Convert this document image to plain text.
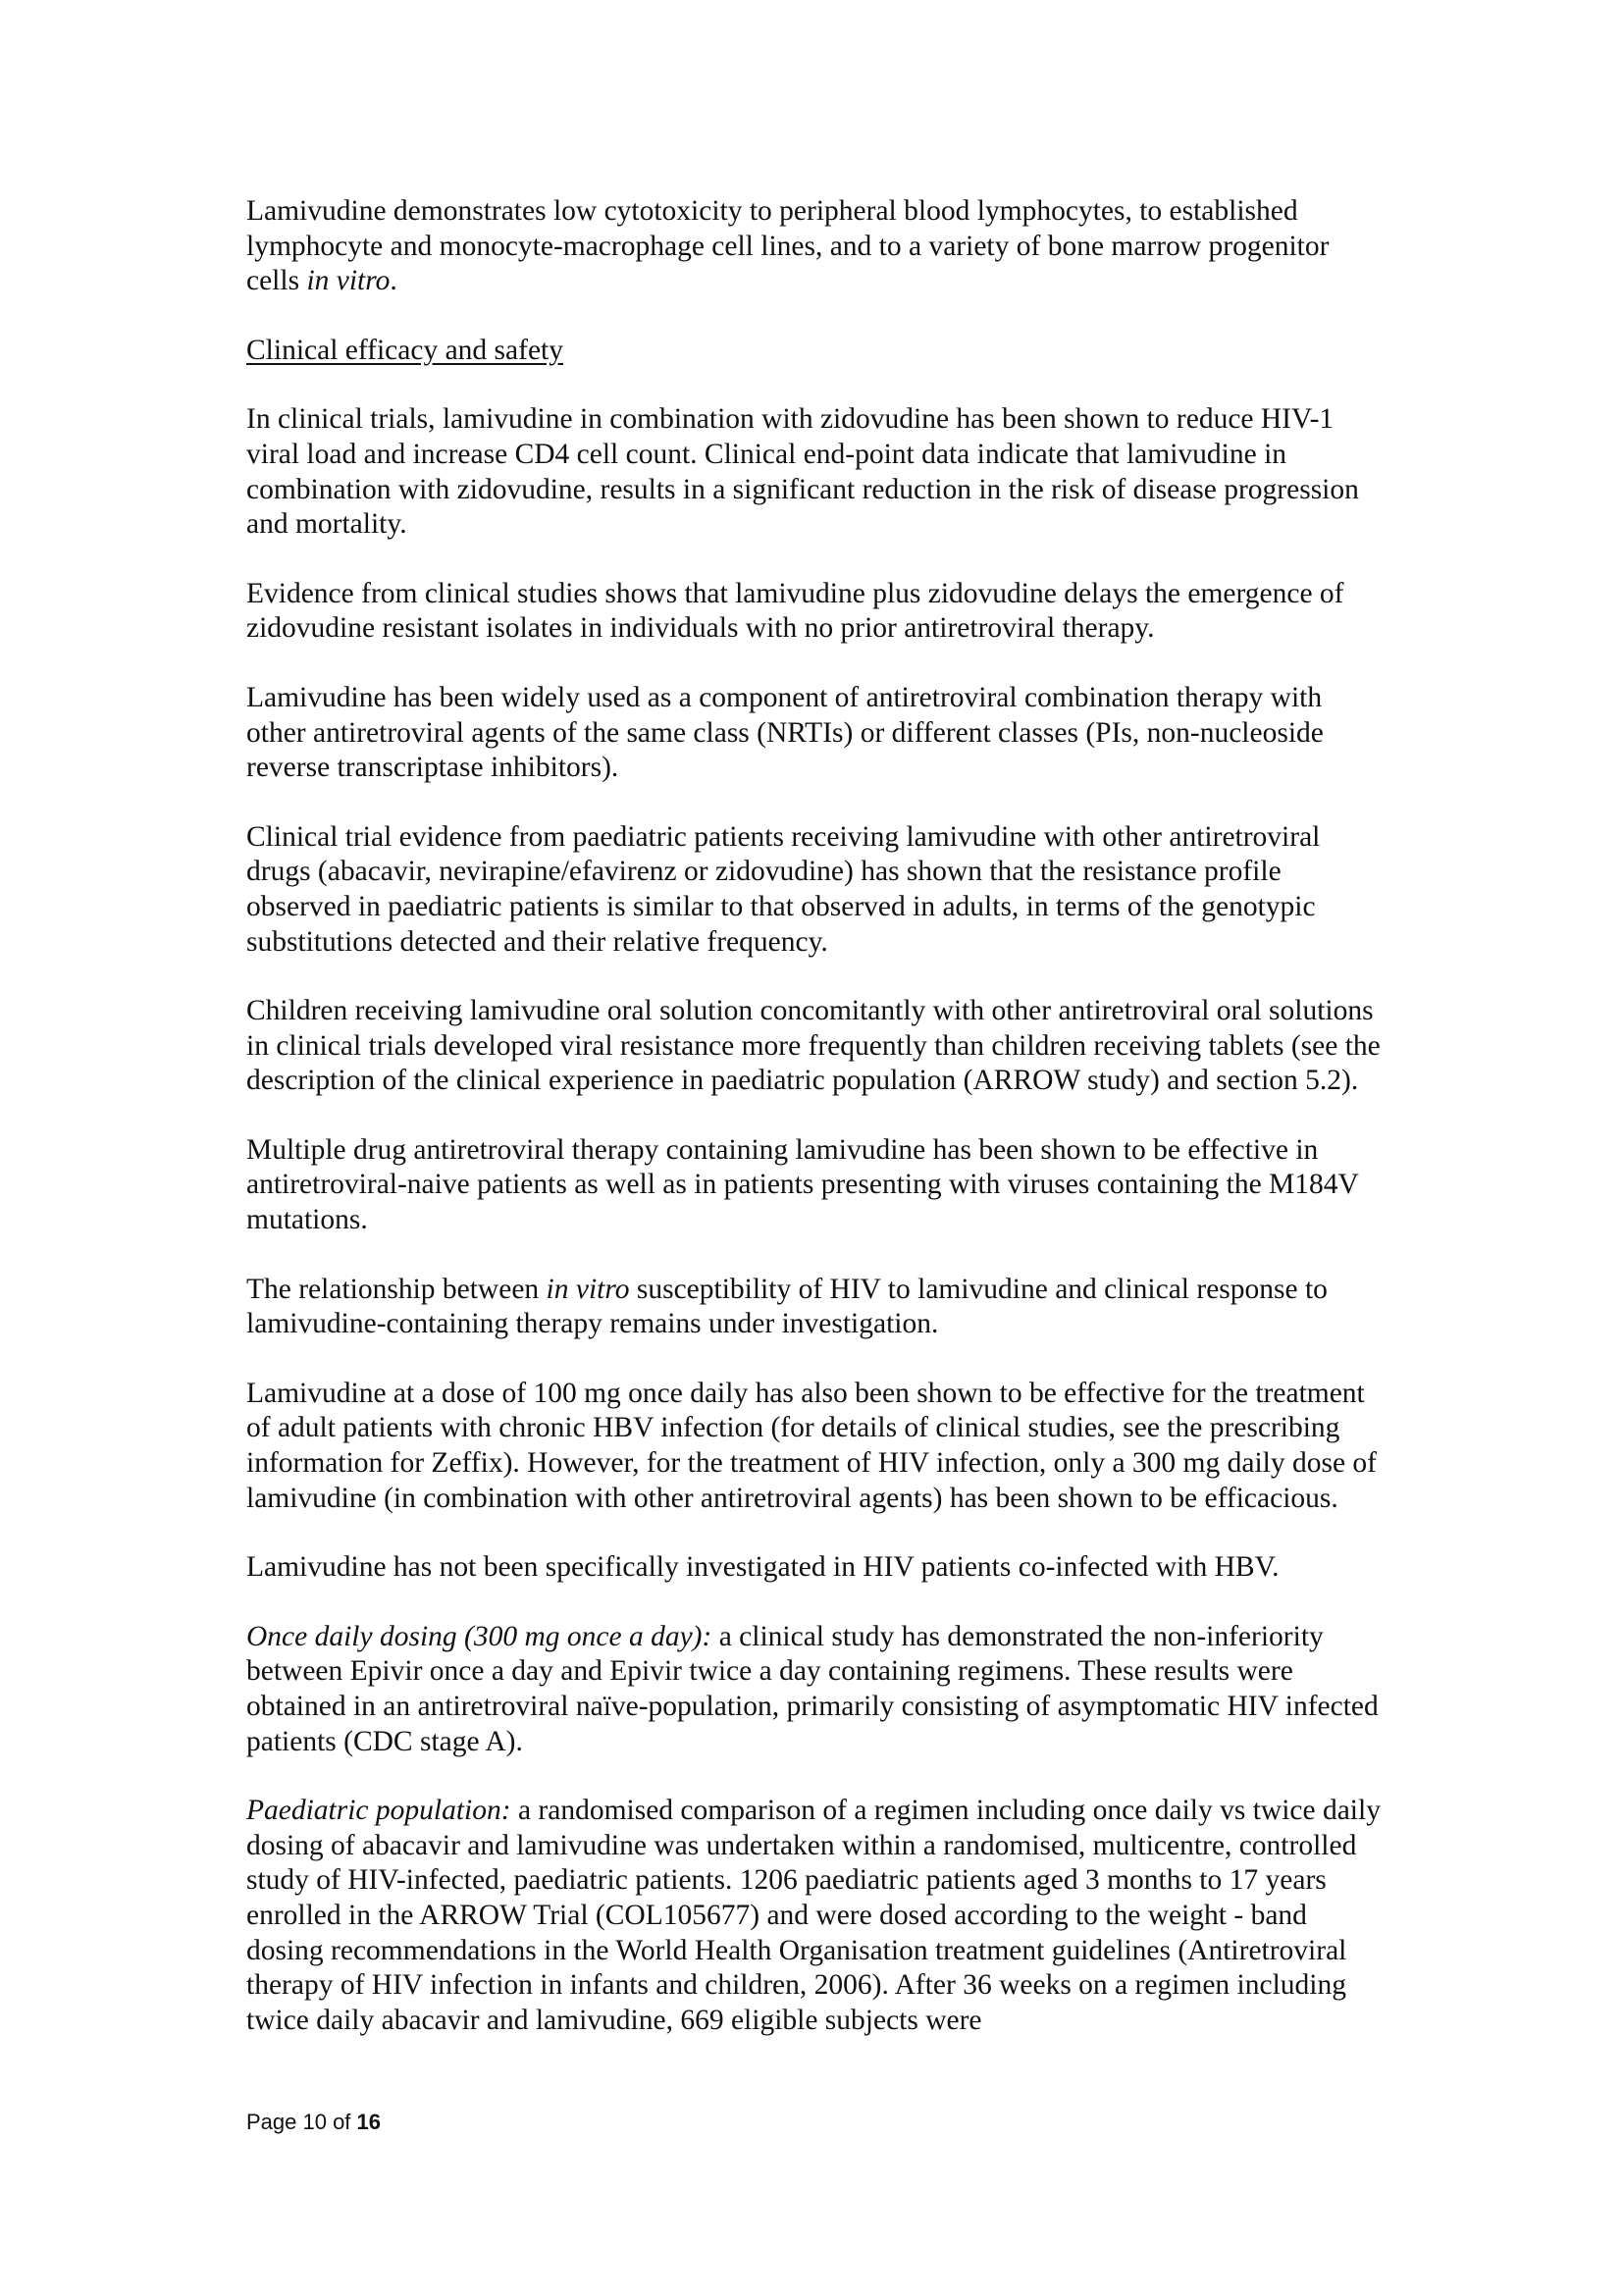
Lamivudine demonstrates low cytotoxicity to peripheral blood lymphocytes, to established lymphocyte and monocyte-macrophage cell lines, and to a variety of bone marrow progenitor cells in vitro.

Clinical efficacy and safety

In clinical trials, lamivudine in combination with zidovudine has been shown to reduce HIV-1 viral load and increase CD4 cell count. Clinical end-point data indicate that lamivudine in combination with zidovudine, results in a significant reduction in the risk of disease progression and mortality.

Evidence from clinical studies shows that lamivudine plus zidovudine delays the emergence of zidovudine resistant isolates in individuals with no prior antiretroviral therapy.

Lamivudine has been widely used as a component of antiretroviral combination therapy with other antiretroviral agents of the same class (NRTIs) or different classes (PIs, non-nucleoside reverse transcriptase inhibitors).

Clinical trial evidence from paediatric patients receiving lamivudine with other antiretroviral drugs (abacavir, nevirapine/efavirenz or zidovudine) has shown that the resistance profile observed in paediatric patients is similar to that observed in adults, in terms of the genotypic substitutions detected and their relative frequency.

Children receiving lamivudine oral solution concomitantly with other antiretroviral oral solutions in clinical trials developed viral resistance more frequently than children receiving tablets (see the description of the clinical experience in paediatric population (ARROW study) and section 5.2).

Multiple drug antiretroviral therapy containing lamivudine has been shown to be effective in antiretroviral-naive patients as well as in patients presenting with viruses containing the M184V mutations.

The relationship between in vitro susceptibility of HIV to lamivudine and clinical response to lamivudine-containing therapy remains under investigation.

Lamivudine at a dose of 100 mg once daily has also been shown to be effective for the treatment of adult patients with chronic HBV infection (for details of clinical studies, see the prescribing information for Zeffix). However, for the treatment of HIV infection, only a 300 mg daily dose of lamivudine (in combination with other antiretroviral agents) has been shown to be efficacious.

Lamivudine has not been specifically investigated in HIV patients co-infected with HBV.

Once daily dosing (300 mg once a day): a clinical study has demonstrated the non-inferiority between Epivir once a day and Epivir twice a day containing regimens. These results were obtained in an antiretroviral naïve-population, primarily consisting of asymptomatic HIV infected patients (CDC stage A).

Paediatric population: a randomised comparison of a regimen including once daily vs twice daily dosing of abacavir and lamivudine was undertaken within a randomised, multicentre, controlled study of HIV-infected, paediatric patients. 1206 paediatric patients aged 3 months to 17 years enrolled in the ARROW Trial (COL105677) and were dosed according to the weight - band dosing recommendations in the World Health Organisation treatment guidelines (Antiretroviral therapy of HIV infection in infants and children, 2006). After 36 weeks on a regimen including twice daily abacavir and lamivudine, 669 eligible subjects were

Page 10 of 16
